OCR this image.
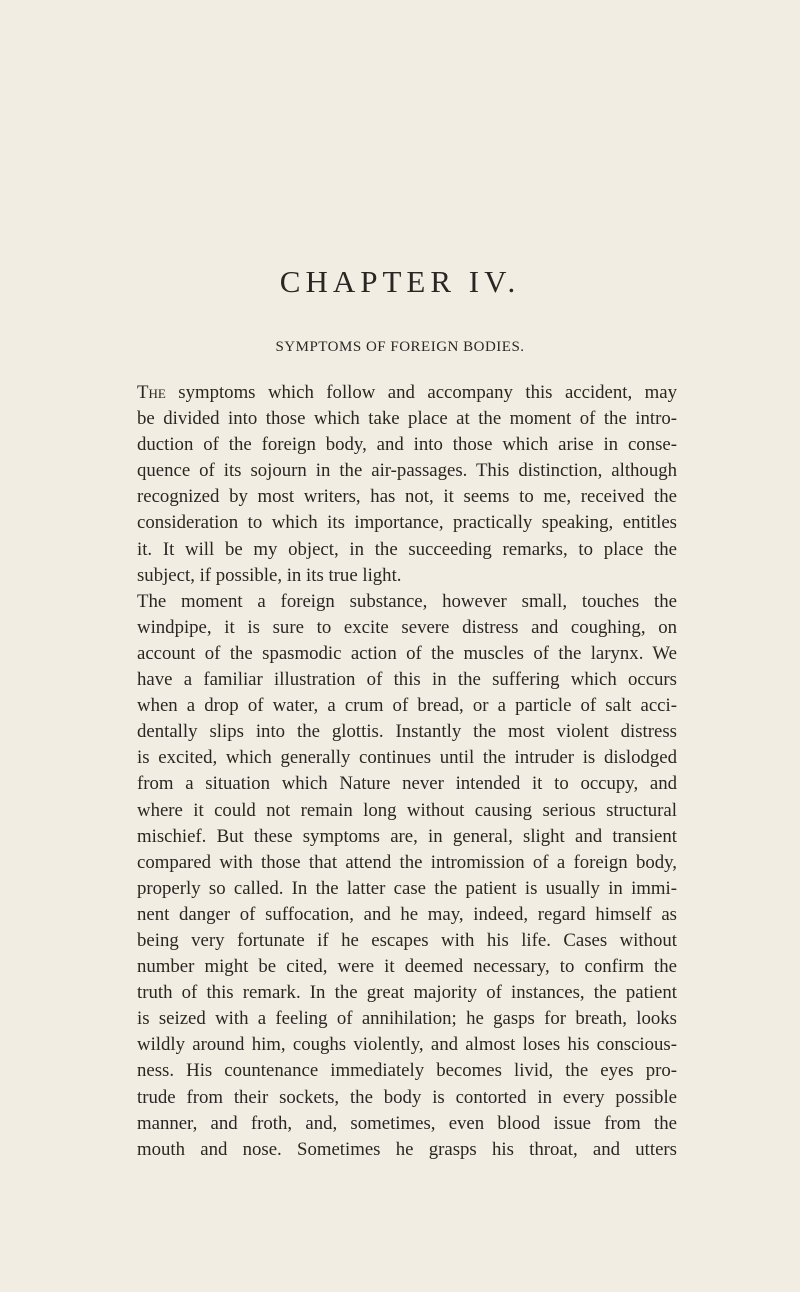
CHAPTER IV.
SYMPTOMS OF FOREIGN BODIES.

The symptoms which follow and accompany this accident, may
be divided into those which take place at the moment of the intro-
duction of the foreign body, and into those which arise in conse-
quence of its sojourn in the air-passages. This distinction, although
recognized by most writers, has not, it seems to me, received the
consideration to which its importance, practically speaking, entitles
it. It will be my object, in the succeeding remarks, to place the
subject, if possible, in its true light.

The moment a foreign substance, however small, touches the
windpipe, it is sure to excite severe distress and coughing, on
account of the spasmodic action of the muscles of the larynx. We
have a familiar illustration of this in the suffering which occurs
when a drop of water, a crum of bread, or a particle of salt acci-
dentally slips into the glottis. Instantly the most violent distress
is excited, which generally continues until the intruder is dislodged
from a situation which Nature never intended it to occupy, and
where it could not remain long without causing serious structural
mischief. But these symptoms are, in general, slight and transient
compared with those that attend the intromission of a foreign body,
properly so called. In the latter case the patient is usually in immi-
nent danger of suffocation, and he may, indeed, regard himself as
being very fortunate if he escapes with his life. Cases without
number might be cited, were it deemed necessary, to confirm the
truth of this remark. In the great majority of instances, the patient
is seized with a feeling of annihilation; he gasps for breath, looks
wildly around him, coughs violently, and almost loses his conscious-
ness. His countenance immediately becomes livid, the eyes pro-
trude from their sockets, the body is contorted in every possible
manner, and froth, and, sometimes, even blood issue from the
mouth and nose. Sometimes he grasps his throat, and utters
